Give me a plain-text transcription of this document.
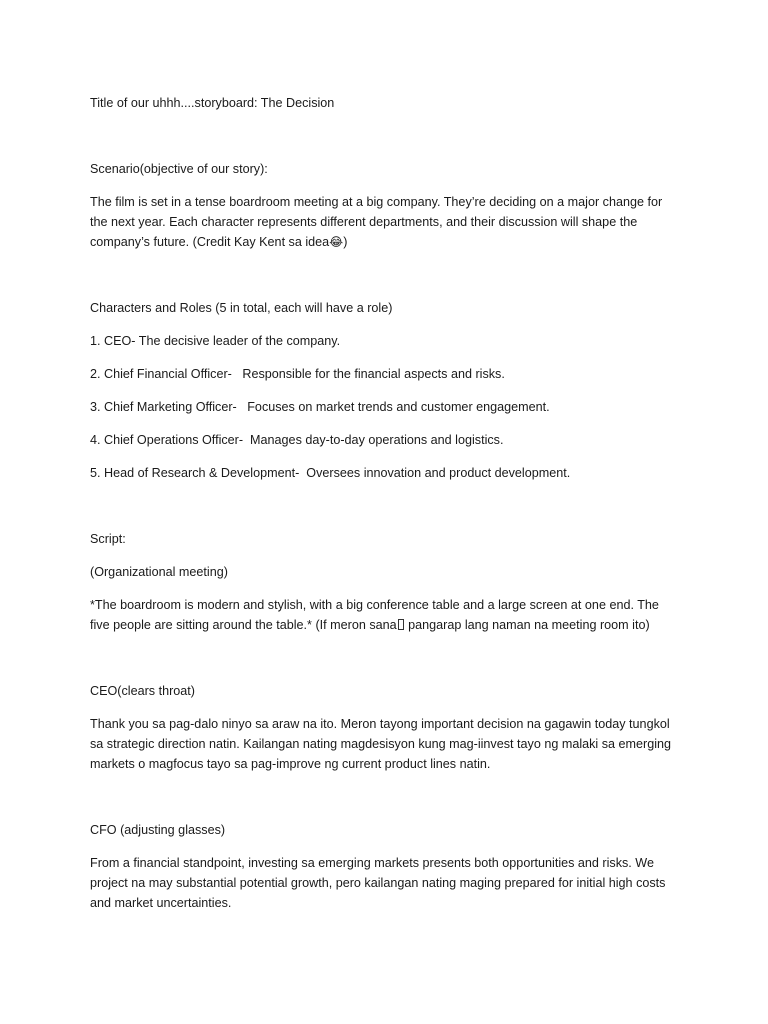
Title of our uhhh....storyboard: The Decision

Scenario(objective of our story):

The film is set in a tense boardroom meeting at a big company. They’re deciding on a major change for the next year. Each character represents different departments, and their discussion will shape the company’s future. (Credit Kay Kent sa idea😂)

Characters and Roles (5 in total, each will have a role)

1. CEO- The decisive leader of the company.

2. Chief Financial Officer-   Responsible for the financial aspects and risks.

3. Chief Marketing Officer-   Focuses on market trends and customer engagement.

4. Chief Operations Officer-  Manages day-to-day operations and logistics.

5. Head of Research & Development-  Oversees innovation and product development.

Script:

(Organizational meeting)

*The boardroom is modern and stylish, with a big conference table and a large screen at one end. The five people are sitting around the table.* (If meron sana pangarap lang naman na meeting room ito)

CEO(clears throat)

Thank you sa pag-dalo ninyo sa araw na ito. Meron tayong important decision na gagawin today tungkol sa strategic direction natin. Kailangan nating magdesisyon kung mag-iinvest tayo ng malaki sa emerging markets o magfocus tayo sa pag-improve ng current product lines natin.

CFO (adjusting glasses)

From a financial standpoint, investing sa emerging markets presents both opportunities and risks. We project na may substantial potential growth, pero kailangan nating maging prepared for initial high costs and market uncertainties.
